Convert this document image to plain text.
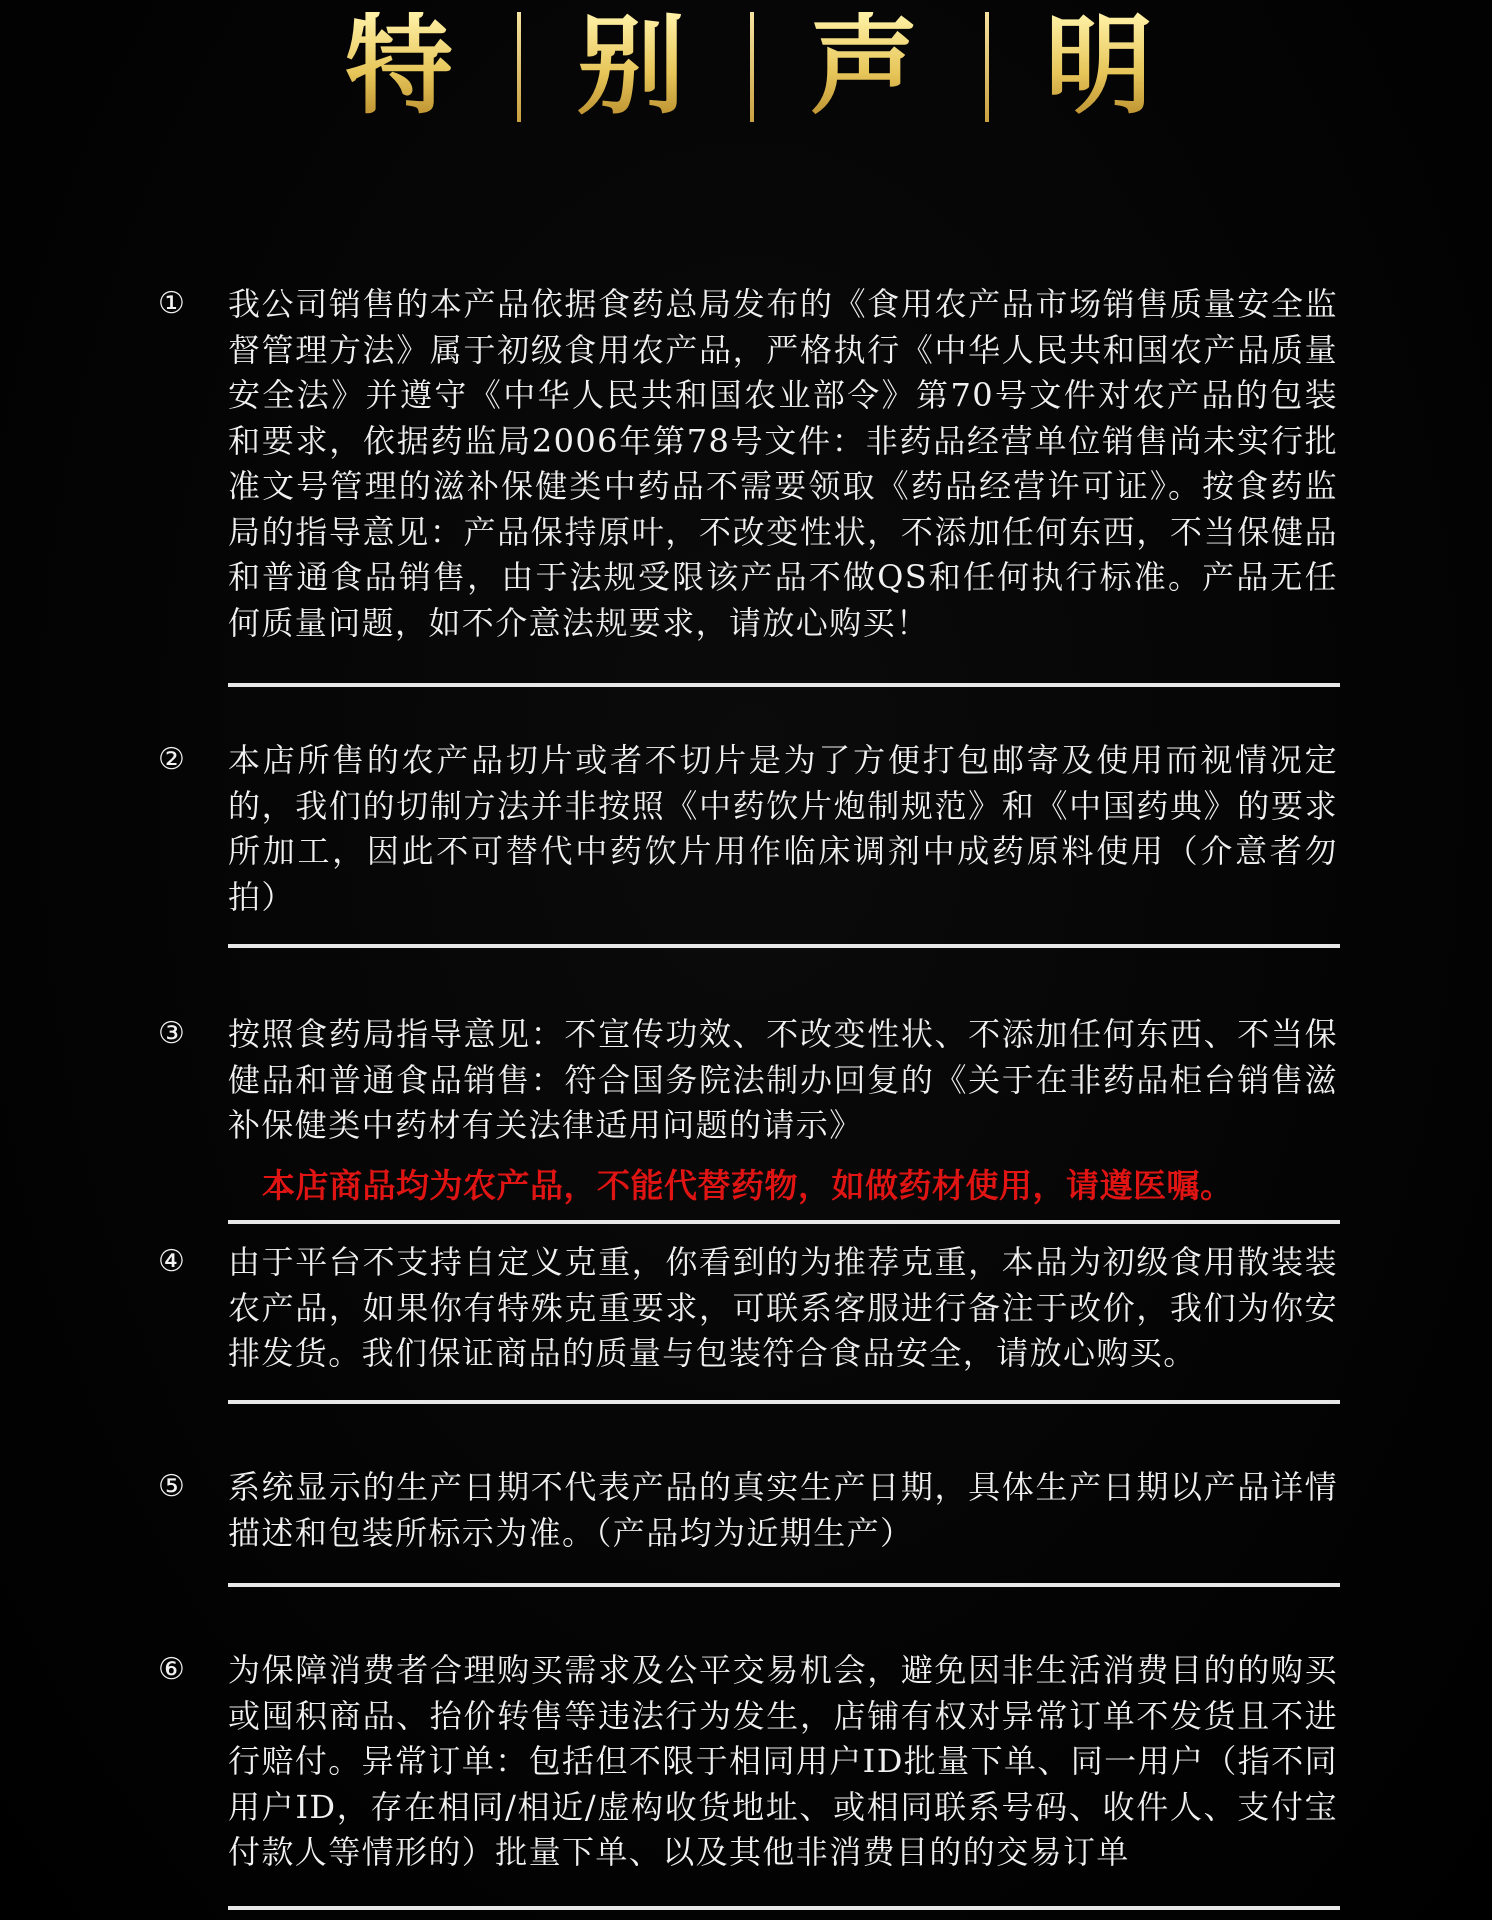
特 别 声 明
①	我公司销售的本产品依据食药总局发布的《食用农产品市场销售质量安全监督管理方法》属于初级食用农产品，严格执行《中华人民共和国农产品质量安全法》并遵守《中华人民共和国农业部令》第70号文件对农产品的包装和要求，依据药监局2006年第78号文件：非药品经营单位销售尚未实行批准文号管理的滋补保健类中药品不需要领取《药品经营许可证》。按食药监局的指导意见：产品保持原叶，不改变性状，不添加任何东西，不当保健品和普通食品销售，由于法规受限该产品不做QS和任何执行标准。产品无任何质量问题，如不介意法规要求，请放心购买！
②	本店所售的农产品切片或者不切片是为了方便打包邮寄及使用而视情况定的，我们的切制方法并非按照《中药饮片炮制规范》和《中国药典》的要求所加工，因此不可替代中药饮片用作临床调剂中成药原料使用（介意者勿拍）
③	按照食药局指导意见：不宣传功效、不改变性状、不添加任何东西、不当保健品和普通食品销售：符合国务院法制办回复的《关于在非药品柜台销售滋补保健类中药材有关法律适用问题的请示》
本店商品均为农产品，不能代替药物，如做药材使用，请遵医嘱。
④	由于平台不支持自定义克重，你看到的为推荐克重，本品为初级食用散装装农产品，如果你有特殊克重要求，可联系客服进行备注于改价，我们为你安排发货。我们保证商品的质量与包装符合食品安全，请放心购买。
⑤	系统显示的生产日期不代表产品的真实生产日期，具体生产日期以产品详情描述和包装所标示为准。（产品均为近期生产）
⑥	为保障消费者合理购买需求及公平交易机会，避免因非生活消费目的的购买或囤积商品、抬价转售等违法行为发生，店铺有权对异常订单不发货且不进行赔付。异常订单：包括但不限于相同用户ID批量下单、同一用户（指不同用户ID，存在相同/相近/虚构收货地址、或相同联系号码、收件人、支付宝付款人等情形的）批量下单、以及其他非消费目的的交易订单
